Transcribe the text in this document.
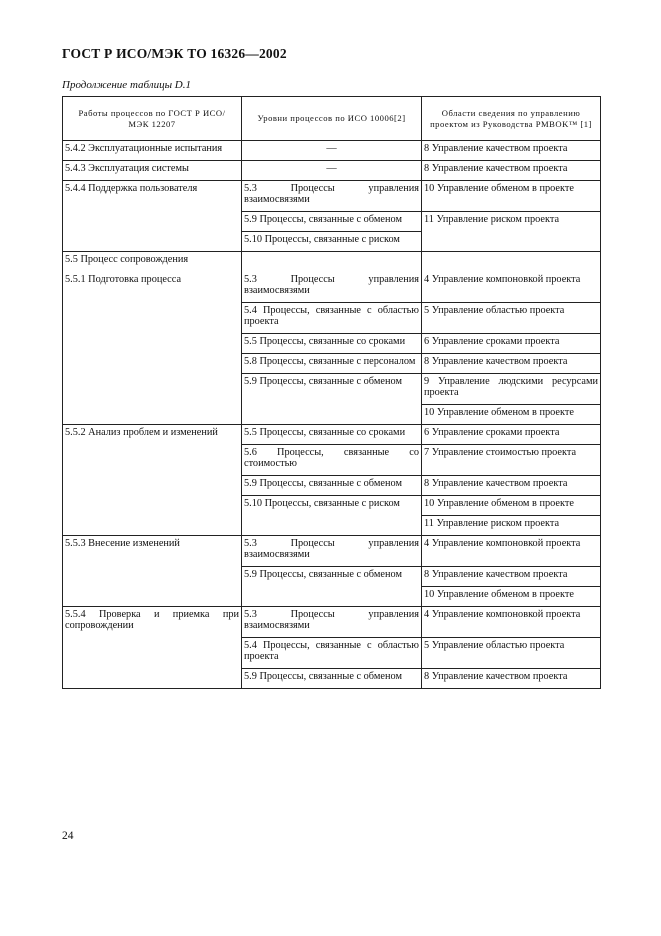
ГОСТ Р ИСО/МЭК ТО 16326—2002
Продолжение таблицы D.1
Работы процессов по ГОСТ Р ИСО/МЭК 12207	Уровни процессов по ИСО 10006[2]	Области сведения по управлению проектом из Руководства PMBOK™ [1]

5.4.2 Эксплуатационные испытания	—	8 Управление качеством проекта

5.4.3 Эксплуатация системы	—	8 Управление качеством проекта

5.4.4 Поддержка пользователя	5.3 Процессы управления взаимосвязями	10 Управление обменом в проекте

	5.9 Процессы, связанные с обменом	11 Управление риском проекта

	5.10 Процессы, связанные с риском	

5.5 Процесс сопровождения
5.5.1 Подготовка процесса	5.3 Процессы управления взаимосвязями	4 Управление компоновкой проекта

	5.4 Процессы, связанные с областью проекта	5 Управление областью проекта

	5.5 Процессы, связанные со сроками	6 Управление сроками проекта

	5.8 Процессы, связанные с персоналом	8 Управление качеством проекта

	5.9 Процессы, связанные с обменом	9 Управление людскими ресурсами проекта

		10 Управление обменом в проекте

5.5.2 Анализ проблем и изменений	5.5 Процессы, связанные со сроками	6 Управление сроками проекта

	5.6 Процессы, связанные со стоимостью	7 Управление стоимостью проекта

	5.9 Процессы, связанные с обменом	8 Управление качеством проекта

	5.10 Процессы, связанные с риском	10 Управление обменом в проекте

		11 Управление риском проекта

5.5.3 Внесение изменений	5.3 Процессы управления взаимосвязями	4 Управление компоновкой проекта

	5.9 Процессы, связанные с обменом	8 Управление качеством проекта

		10 Управление обменом в проекте

5.5.4 Проверка и приемка при сопровождении	5.3 Процессы управления взаимосвязями	4 Управление компоновкой проекта

	5.4 Процессы, связанные с областью проекта	5 Управление областью проекта

	5.9 Процессы, связанные с обменом	8 Управление качеством проекта
24
